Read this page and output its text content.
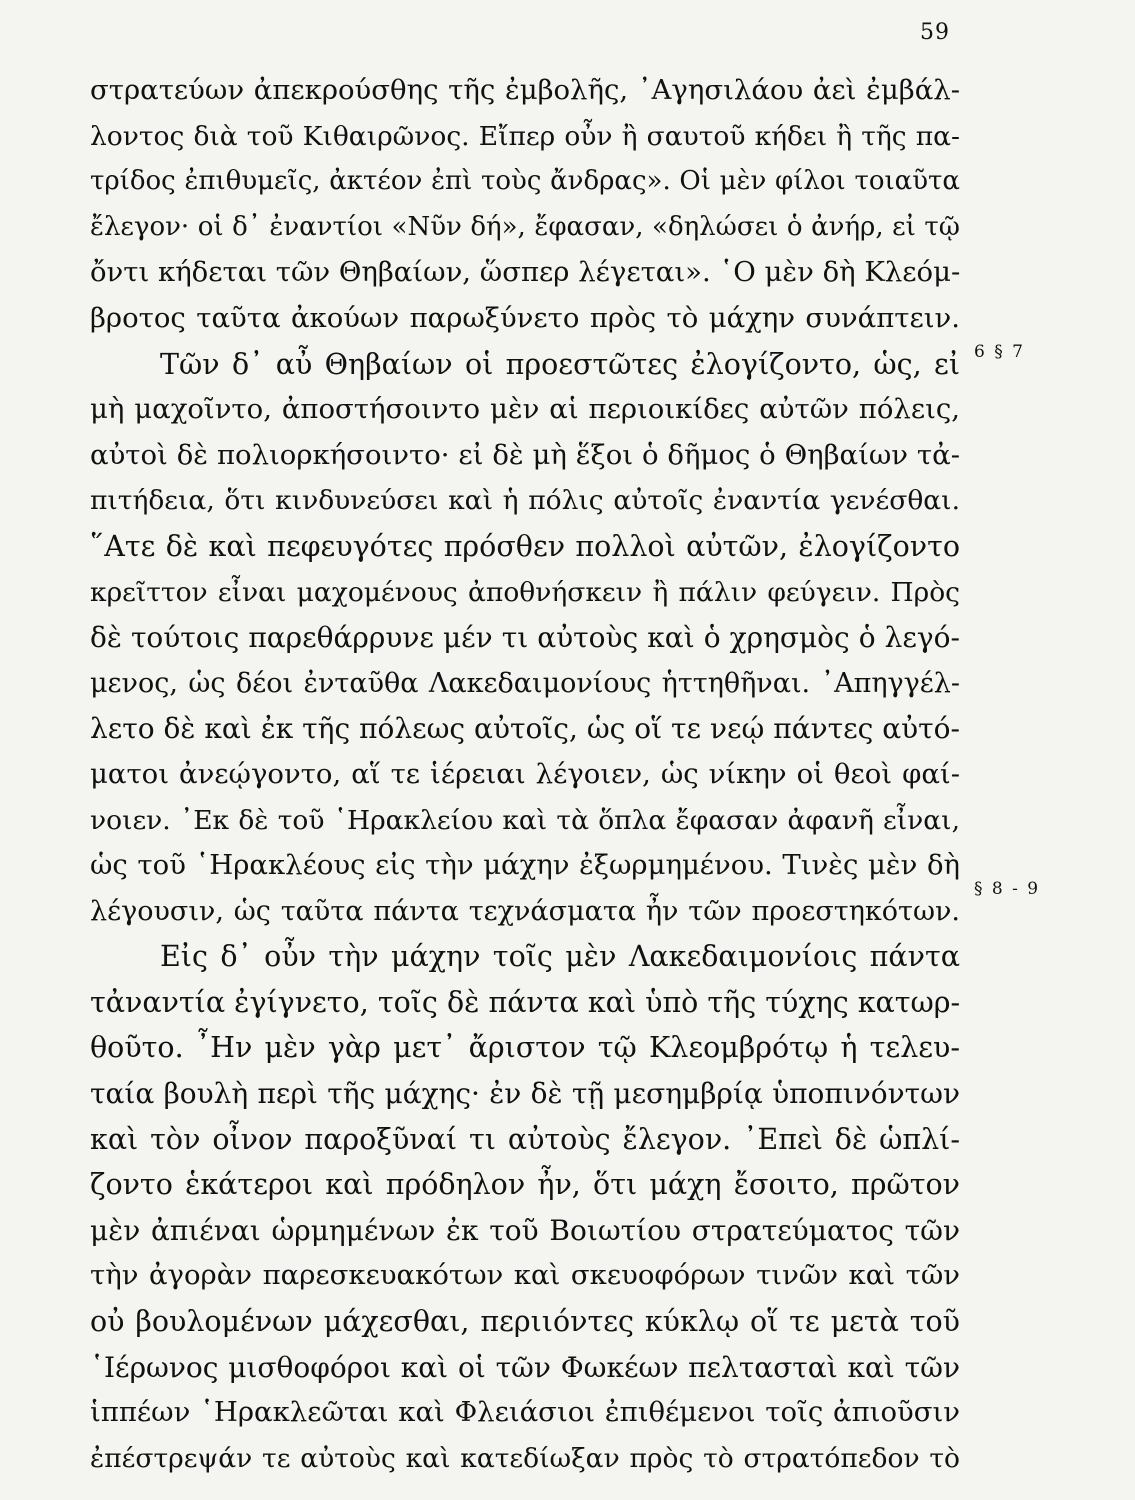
59
στρατεύων ἀπεκρούσθης τῆς ἐμβολῆς, ᾿Αγησιλάου ἀεὶ ἐμβάλ-
λοντος διὰ τοῦ Κιθαιρῶνος. Εἴπερ οὖν ἢ σαυτοῦ κήδει ἢ τῆς πα-
τρίδος ἐπιθυμεῖς, ἀκτέον ἐπὶ τοὺς ἄνδρας». Οἱ μὲν φίλοι τοιαῦτα
ἔλεγον· οἱ δ᾿ ἐναντίοι «Νῦν δή», ἔφασαν, «δηλώσει ὁ ἀνήρ, εἰ τῷ
ὄντι κήδεται τῶν Θηβαίων, ὥσπερ λέγεται». ῾Ο μὲν δὴ Κλεόμ-
βροτος ταῦτα ἀκούων παρωξύνετο πρὸς τὸ μάχην συνάπτειν.
Τῶν δ᾿ αὖ Θηβαίων οἱ προεστῶτες ἐλογίζοντο, ὡς, εἰ
μὴ μαχοῖντο, ἀποστήσοιντο μὲν αἱ περιοικίδες αὐτῶν πόλεις,
αὐτοὶ δὲ πολιορκήσοιντο· εἰ δὲ μὴ ἕξοι ὁ δῆμος ὁ Θηβαίων τἀ-
πιτήδεια, ὅτι κινδυνεύσει καὶ ἡ πόλις αὐτοῖς ἐναντία γενέσθαι.
῞Ατε δὲ καὶ πεφευγότες πρόσθεν πολλοὶ αὐτῶν, ἐλογίζοντο
κρεῖττον εἶναι μαχομένους ἀποθνήσκειν ἢ πάλιν φεύγειν. Πρὸς
δὲ τούτοις παρεθάρρυνε μέν τι αὐτοὺς καὶ ὁ χρησμὸς ὁ λεγό-
μενος, ὡς δέοι ἐνταῦθα Λακεδαιμονίους ἡττηθῆναι. ᾿Απηγγέλ-
λετο δὲ καὶ ἐκ τῆς πόλεως αὐτοῖς, ὡς οἵ τε νεῴ πάντες αὐτό-
ματοι ἀνεῴγοντο, αἵ τε ἱέρειαι λέγοιεν, ὡς νίκην οἱ θεοὶ φαί-
νοιεν. ᾿Εκ δὲ τοῦ ῾Ηρακλείου καὶ τὰ ὅπλα ἔφασαν ἀφανῆ εἶναι,
ὡς τοῦ ῾Ηρακλέους εἰς τὴν μάχην ἐξωρμημένου. Τινὲς μὲν δὴ
λέγουσιν, ὡς ταῦτα πάντα τεχνάσματα ἦν τῶν προεστηκότων.
Εἰς δ᾿ οὖν τὴν μάχην τοῖς μὲν Λακεδαιμονίοις πάντα
τἀναντία ἐγίγνετο, τοῖς δὲ πάντα καὶ ὑπὸ τῆς τύχης κατωρ-
θοῦτο. ῏Ην μὲν γὰρ μετ᾿ ἄριστον τῷ Κλεομβρότῳ ἡ τελευ-
ταία βουλὴ περὶ τῆς μάχης· ἐν δὲ τῇ μεσημβρίᾳ ὑποπινόντων
καὶ τὸν οἶνον παροξῦναί τι αὐτοὺς ἔλεγον. ᾿Επεὶ δὲ ὡπλί-
ζοντο ἑκάτεροι καὶ πρόδηλον ἦν, ὅτι μάχη ἔσοιτο, πρῶτον
μὲν ἀπιέναι ὡρμημένων ἐκ τοῦ Βοιωτίου στρατεύματος τῶν
τὴν ἀγορὰν παρεσκευακότων καὶ σκευοφόρων τινῶν καὶ τῶν
οὐ βουλομένων μάχεσθαι, περιιόντες κύκλῳ οἵ τε μετὰ τοῦ
῾Ιέρωνος μισθοφόροι καὶ οἱ τῶν Φωκέων πελτασταὶ καὶ τῶν
ἱππέων ῾Ηρακλεῶται καὶ Φλειάσιοι ἐπιθέμενοι τοῖς ἀπιοῦσιν
ἐπέστρεψάν τε αὐτοὺς καὶ κατεδίωξαν πρὸς τὸ στρατόπεδον τὸ
6 § 7
§ 8 - 9
